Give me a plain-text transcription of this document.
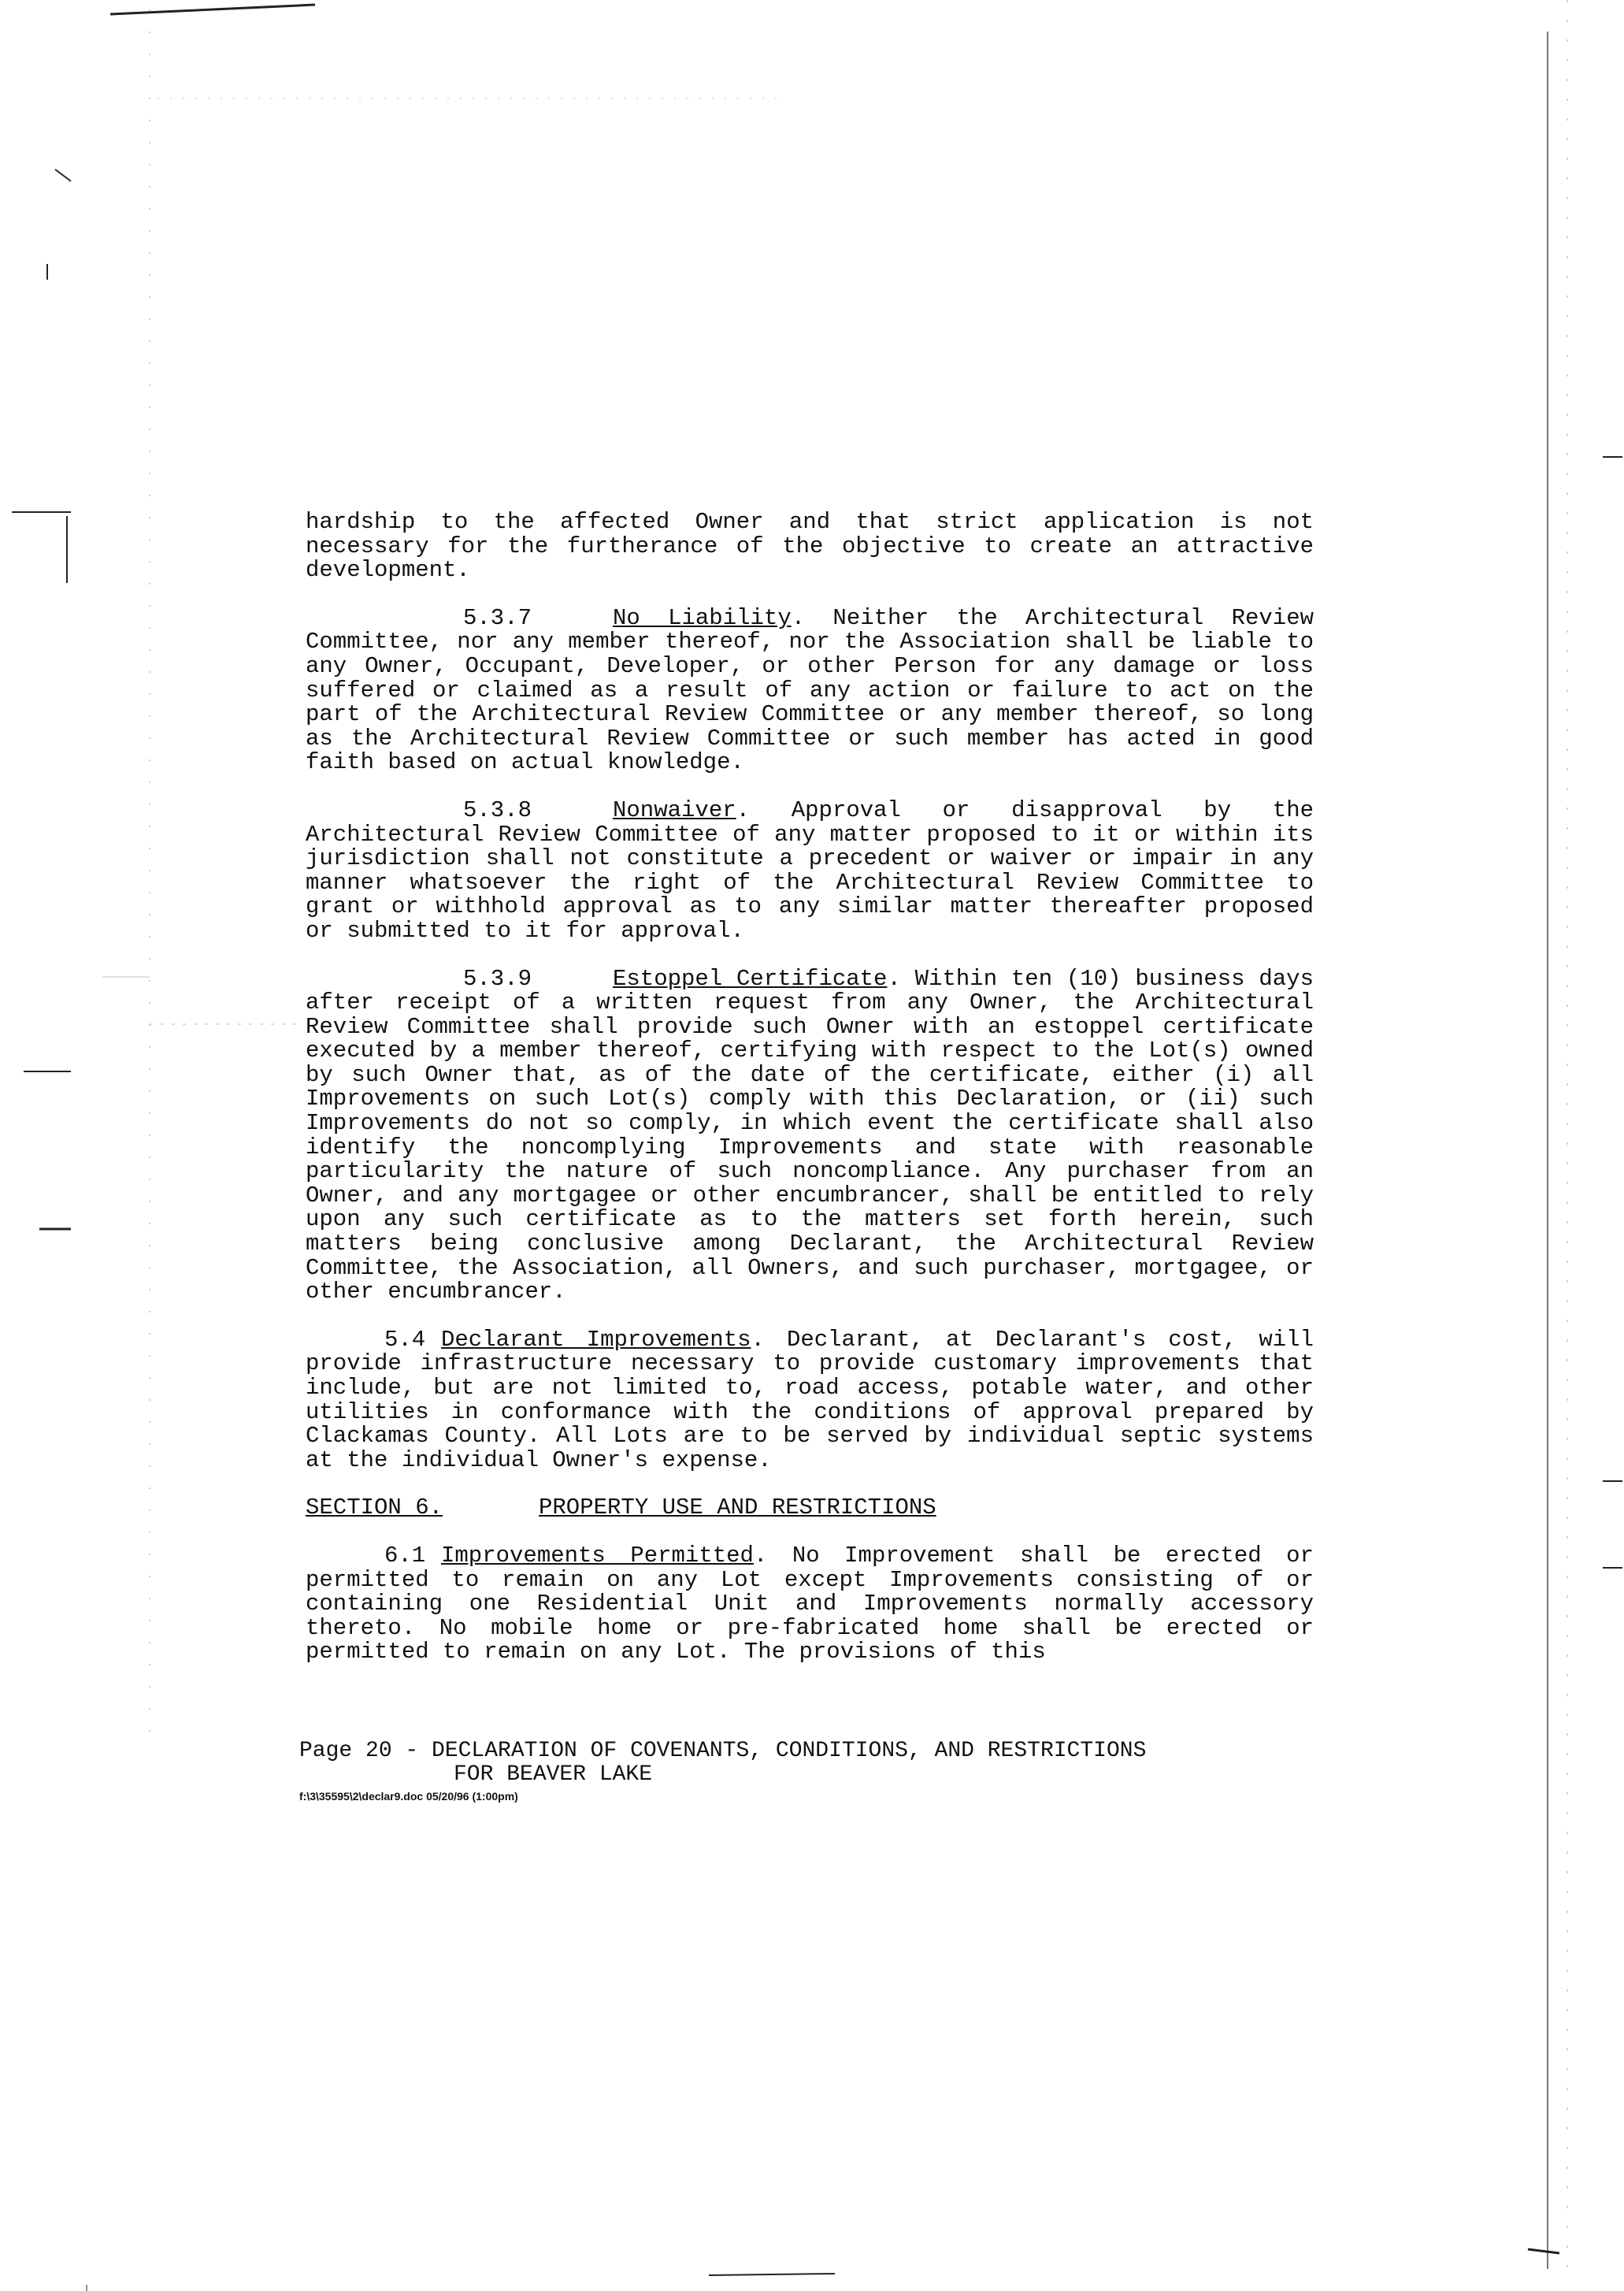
hardship to the affected Owner and that strict application is not necessary for the furtherance of the objective to create an attractive development.

5.3.7	No Liability. Neither the Architectural Review Committee, nor any member thereof, nor the Association shall be liable to any Owner, Occupant, Developer, or other Person for any damage or loss suffered or claimed as a result of any action or failure to act on the part of the Architectural Review Committee or any member thereof, so long as the Architectural Review Committee or such member has acted in good faith based on actual knowledge.

5.3.8	Nonwaiver. Approval or disapproval by the Architectural Review Committee of any matter proposed to it or within its jurisdiction shall not constitute a precedent or waiver or impair in any manner whatsoever the right of the Architectural Review Committee to grant or withhold approval as to any similar matter thereafter proposed or submitted to it for approval.

5.3.9	Estoppel Certificate. Within ten (10) business days after receipt of a written request from any Owner, the Architectural Review Committee shall provide such Owner with an estoppel certificate executed by a member thereof, certifying with respect to the Lot(s) owned by such Owner that, as of the date of the certificate, either (i) all Improvements on such Lot(s) comply with this Declaration, or (ii) such Improvements do not so comply, in which event the certificate shall also identify the noncomplying Improvements and state with reasonable particularity the nature of such noncompliance. Any purchaser from an Owner, and any mortgagee or other encumbrancer, shall be entitled to rely upon any such certificate as to the matters set forth herein, such matters being conclusive among Declarant, the Architectural Review Committee, the Association, all Owners, and such purchaser, mortgagee, or other encumbrancer.

5.4 Declarant Improvements. Declarant, at Declarant's cost, will provide infrastructure necessary to provide customary improvements that include, but are not limited to, road access, potable water, and other utilities in conformance with the conditions of approval prepared by Clackamas County. All Lots are to be served by individual septic systems at the individual Owner's expense.

SECTION 6.	PROPERTY USE AND RESTRICTIONS

6.1 Improvements Permitted. No Improvement shall be erected or permitted to remain on any Lot except Improvements consisting of or containing one Residential Unit and Improvements normally accessory thereto. No mobile home or pre-fabricated home shall be erected or permitted to remain on any Lot. The provisions of this

Page 20 - DECLARATION OF COVENANTS, CONDITIONS, AND RESTRICTIONS

FOR BEAVER LAKE

f:\3\35595\2\declar9.doc 05/20/96 (1:00pm)
